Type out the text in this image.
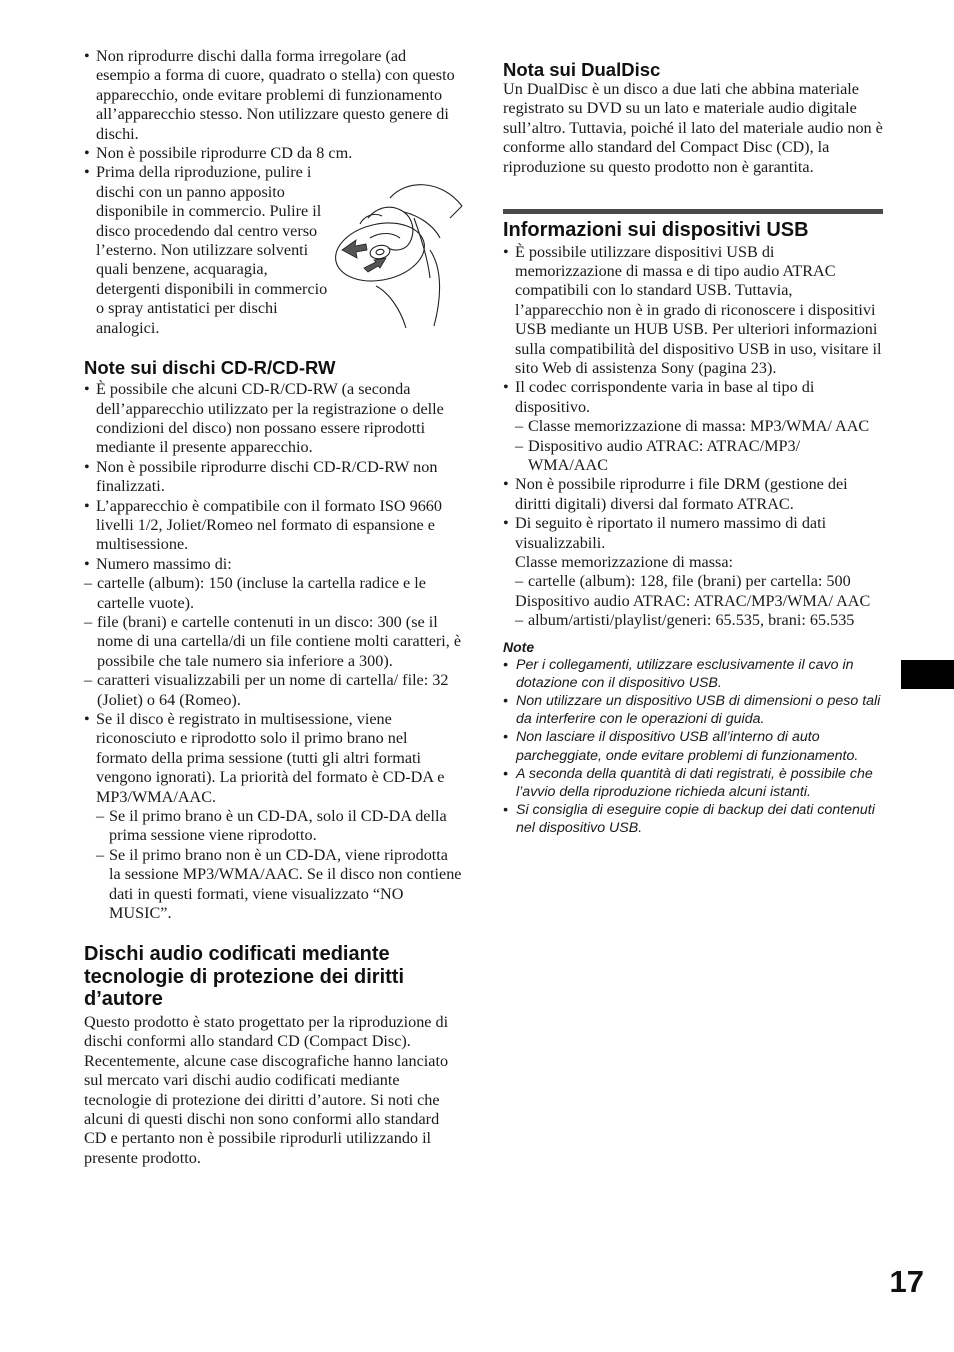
• Non riprodurre dischi dalla forma irregolare (ad esempio a forma di cuore, quadrato o stella) con questo apparecchio, onde evitare problemi di funzionamento all’apparecchio stesso. Non utilizzare questo genere di dischi.
• Non è possibile riprodurre CD da 8 cm.
• Prima della riproduzione, pulire i dischi con un panno apposito disponibile in commercio. Pulire il disco procedendo dal centro verso l’esterno. Non utilizzare solventi quali benzene, acquaragia, detergenti disponibili in commercio o spray antistatici per dischi analogici.
Note sui dischi CD-R/CD-RW
• È possibile che alcuni CD-R/CD-RW (a seconda dell’apparecchio utilizzato per la registrazione o delle condizioni del disco) non possano essere riprodotti mediante il presente apparecchio.
• Non è possibile riprodurre dischi CD-R/CD-RW non finalizzati.
• L’apparecchio è compatibile con il formato ISO 9660 livelli 1/2, Joliet/Romeo nel formato di espansione e multisessione.
• Numero massimo di:
– cartelle (album): 150 (incluse la cartella radice e le cartelle vuote).
– file (brani) e cartelle contenuti in un disco: 300 (se il nome di una cartella/di un file contiene molti caratteri, è possibile che tale numero sia inferiore a 300).
– caratteri visualizzabili per un nome di cartella/ file: 32 (Joliet) o 64 (Romeo).
• Se il disco è registrato in multisessione, viene riconosciuto e riprodotto solo il primo brano nel formato della prima sessione (tutti gli altri formati vengono ignorati). La priorità del formato è CD-DA e MP3/WMA/AAC.
– Se il primo brano è un CD-DA, solo il CD-DA della prima sessione viene riprodotto.
– Se il primo brano non è un CD-DA, viene riprodotta la sessione MP3/WMA/AAC. Se il disco non contiene dati in questi formati, viene visualizzato “NO MUSIC”.
Dischi audio codificati mediante tecnologie di protezione dei diritti d’autore

Questo prodotto è stato progettato per la riproduzione di dischi conformi allo standard CD (Compact Disc).

Recentemente, alcune case discografiche hanno lanciato sul mercato vari dischi audio codificati mediante tecnologie di protezione dei diritti d’autore. Si noti che alcuni di questi dischi non sono conformi allo standard CD e pertanto non è possibile riprodurli utilizzando il presente prodotto.

Nota sui DualDisc

Un DualDisc è un disco a due lati che abbina materiale registrato su DVD su un lato e materiale audio digitale sull’altro. Tuttavia, poiché il lato del materiale audio non è conforme allo standard del Compact Disc (CD), la riproduzione su questo prodotto non è garantita.

Informazioni sui dispositivi USB
• È possibile utilizzare dispositivi USB di memorizzazione di massa e di tipo audio ATRAC compatibili con lo standard USB. Tuttavia, l’apparecchio non è in grado di riconoscere i dispositivi USB mediante un HUB USB. Per ulteriori informazioni sulla compatibilità del dispositivo USB in uso, visitare il sito Web di assistenza Sony (pagina 23).
• Il codec corrispondente varia in base al tipo di dispositivo.
– Classe memorizzazione di massa: MP3/WMA/ AAC
– Dispositivo audio ATRAC: ATRAC/MP3/ WMA/AAC
• Non è possibile riprodurre i file DRM (gestione dei diritti digitali) diversi dal formato ATRAC.
• Di seguito è riportato il numero massimo di dati visualizzabili.

Classe memorizzazione di massa:

– cartelle (album): 128, file (brani) per cartella: 500

Dispositivo audio ATRAC: ATRAC/MP3/WMA/ AAC

– album/artisti/playlist/generi: 65.535, brani: 65.535
Note
• Per i collegamenti, utilizzare esclusivamente il cavo in dotazione con il dispositivo USB.
• Non utilizzare un dispositivo USB di dimensioni o peso tali da interferire con le operazioni di guida.
• Non lasciare il dispositivo USB all’interno di auto parcheggiate, onde evitare problemi di funzionamento.
• A seconda della quantità di dati registrati, è possibile che l’avvio della riproduzione richieda alcuni istanti.
• Si consiglia di eseguire copie di backup dei dati contenuti nel dispositivo USB.
17
